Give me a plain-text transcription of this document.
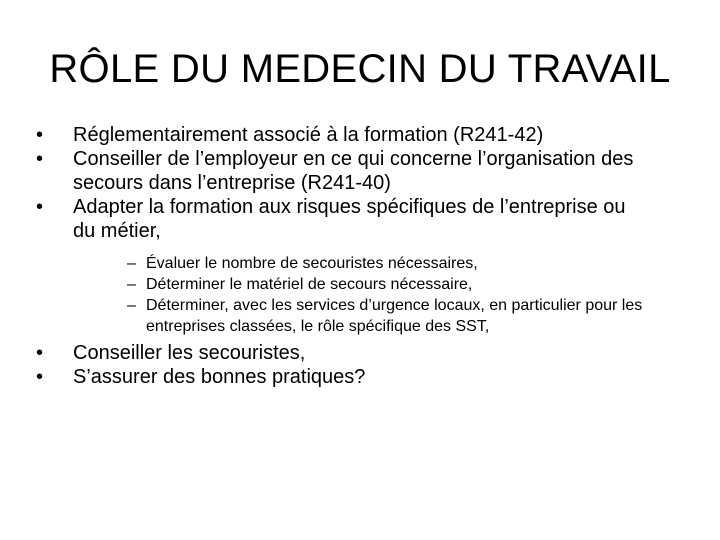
RÔLE DU MEDECIN DU TRAVAIL
•	Réglementairement associé à la formation (R241-42)
•	Conseiller de l’employeur en ce qui concerne l’organisation des secours dans l’entreprise (R241-40)
•	Adapter la formation aux risques spécifiques de l’entreprise ou du métier,
– Évaluer le nombre de secouristes nécessaires,
– Déterminer le matériel de secours nécessaire,
– Déterminer, avec les services d’urgence locaux, en particulier pour les entreprises classées, le rôle spécifique des SST,
•	Conseiller les secouristes,
•	S’assurer des bonnes pratiques?
